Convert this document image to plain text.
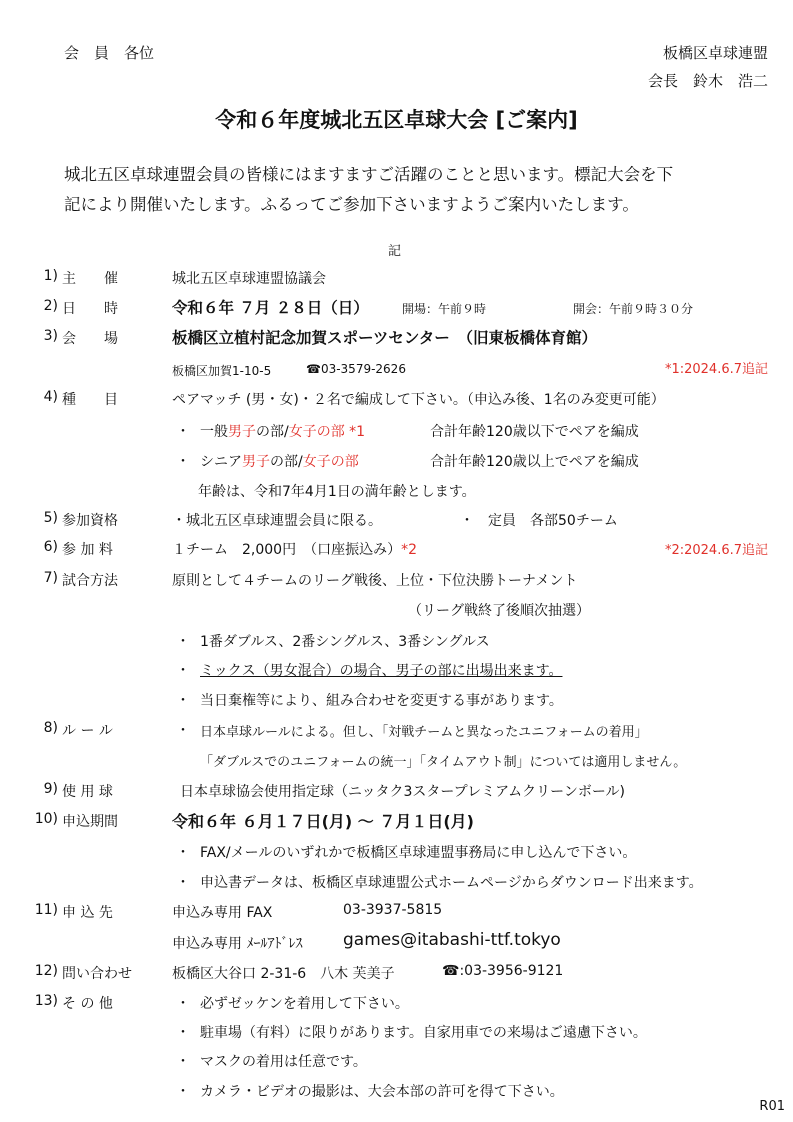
会　員　各位	板橋区卓球連盟
会長　鈴木　浩二
令和６年度城北五区卓球大会 [ご案内]
城北五区卓球連盟会員の皆様にはますますご活躍のことと思います。標記大会を下
記により開催いたします。ふるってご参加下さいますようご案内いたします。
記
1) 主　　催	城北五区卓球連盟協議会
2) 日　　時	令和６年 ７月 ２８日（日）	開場：午前９時	開会：午前９時３０分
3) 会　　場	板橋区立植村記念加賀スポーツセンター　（旧東板橋体育館）
板橋区加賀1-10-5	☎03-3579-2626	*1:2024.6.7追記
4) 種　　目	ペアマッチ (男・女)・２名で編成して下さい。（申込み後、1名のみ変更可能）
・ 一般男子の部/女子の部 *1	合計年齢120歳以下でペアを編成
・ シニア男子の部/女子の部	合計年齢120歳以上でペアを編成
年齢は、令和7年4月1日の満年齢とします。
5) 参加資格	・城北五区卓球連盟会員に限る。	・　定員　各部50チーム
6) 参 加 料	１チーム　2,000円　（口座振込み）*2	*2:2024.6.7追記
7) 試合方法	原則として４チームのリーグ戦後、上位・下位決勝トーナメント
（リーグ戦終了後順次抽選）
・ 1番ダブルス、2番シングルス、3番シングルス
・ ミックス（男女混合）の場合、男子の部に出場出来ます。
・ 当日棄権等により、組み合わせを変更する事があります。
8) ル ー ル	・ 日本卓球ルールによる。但し、「対戦チームと異なったユニフォームの着用」
「ダブルスでのユニフォームの統一」「タイムアウト制」については適用しません。
9) 使 用 球	日本卓球協会使用指定球（ニッタク3スタープレミアムクリーンボール)
10) 申込期間	令和６年 ６月１７日(月) ～ ７月１日(月)
・ FAX/メールのいずれかで板橋区卓球連盟事務局に申し込んで下さい。
・ 申込書データは、板橋区卓球連盟公式ホームページからダウンロード出来ます。
11) 申 込 先	申込み専用 FAX	03-3937-5815
申込み専用 ﾒｰﾙｱﾄﾞﾚｽ games@itabashi-ttf.tokyo
12) 問い合わせ	板橋区大谷口 2-31-6　八木 芙美子	☎:03-3956-9121
13) そ の 他	・ 必ずゼッケンを着用して下さい。
・ 駐車場（有料）に限りがあります。自家用車での来場はご遠慮下さい。
・ マスクの着用は任意です。
・ カメラ・ビデオの撮影は、大会本部の許可を得て下さい。
R01
